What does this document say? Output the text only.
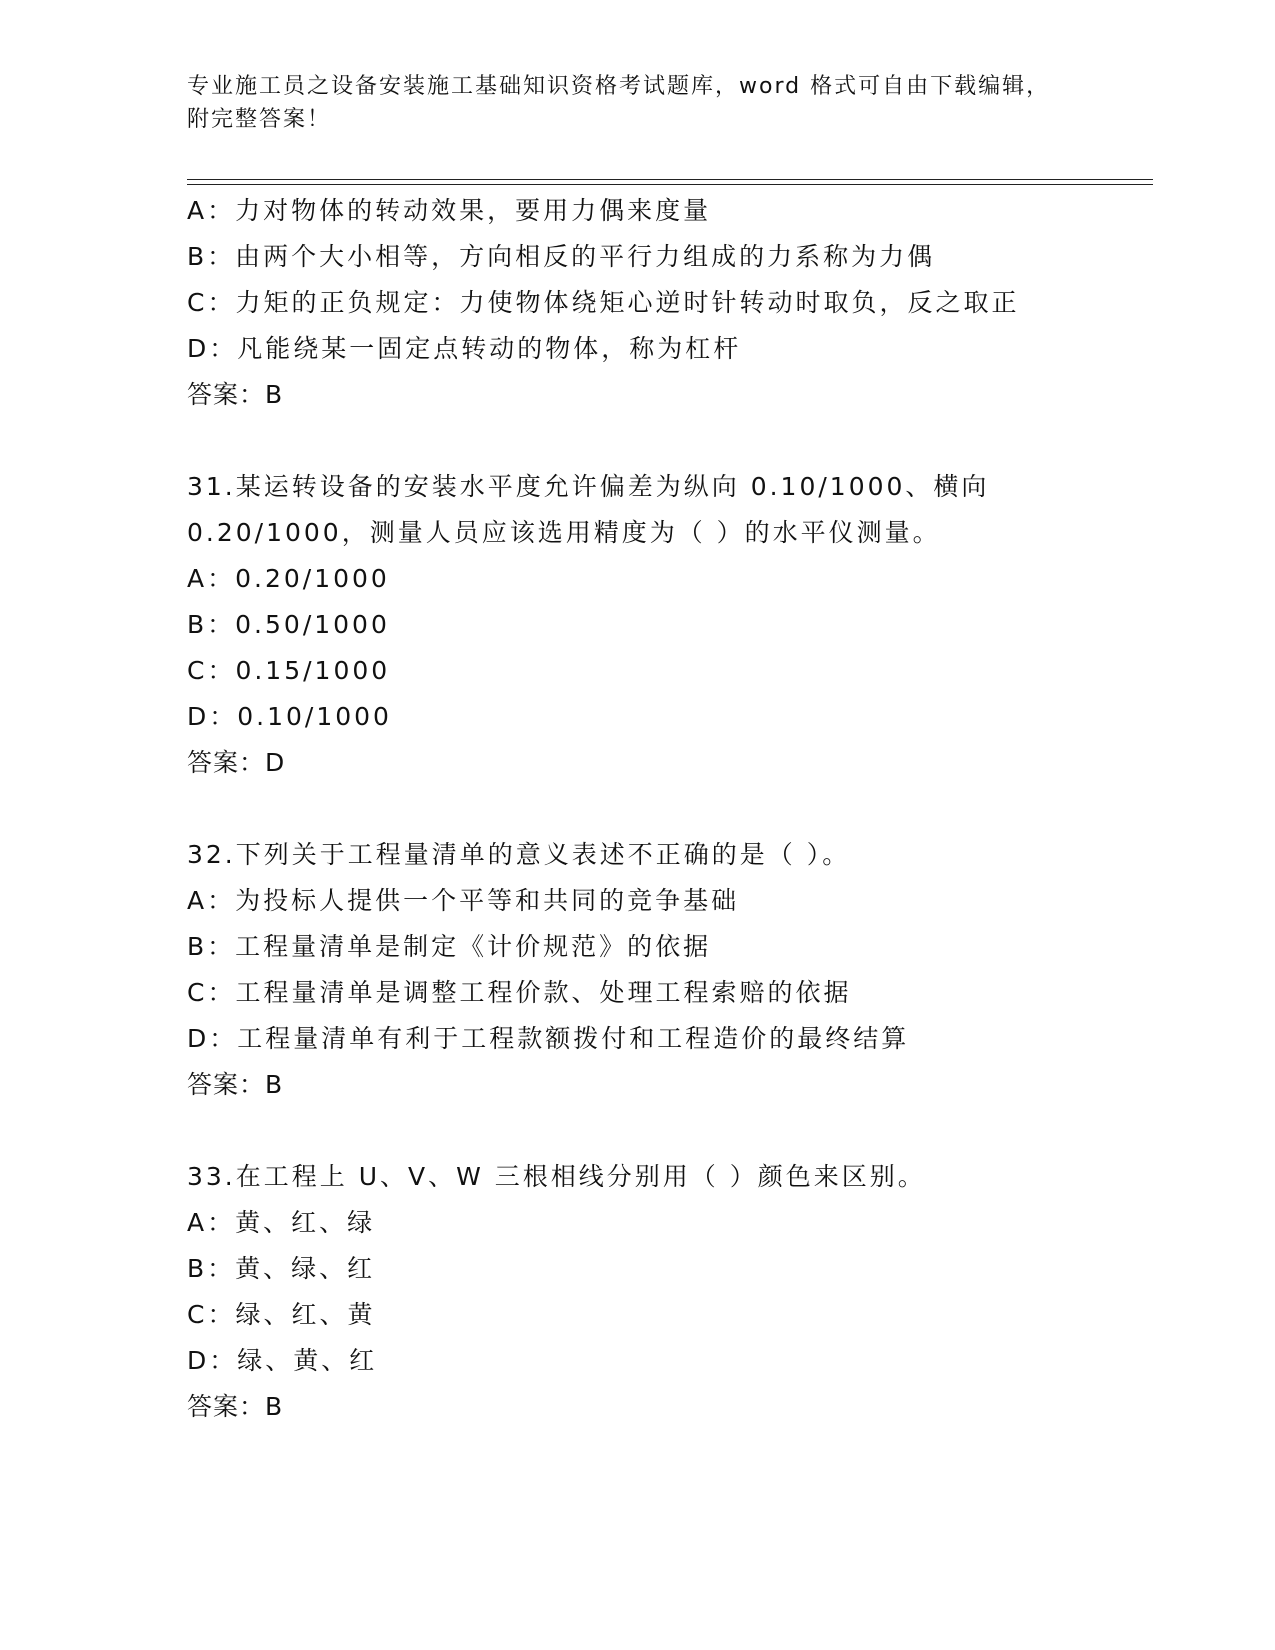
专业施工员之设备安装施工基础知识资格考试题库，word 格式可自由下载编辑，
附完整答案！
A：力对物体的转动效果，要用力偶来度量
B：由两个大小相等，方向相反的平行力组成的力系称为力偶
C：力矩的正负规定：力使物体绕矩心逆时针转动时取负，反之取正
D：凡能绕某一固定点转动的物体，称为杠杆
答案：B
31.某运转设备的安装水平度允许偏差为纵向 0.10/1000、横向
0.20/1000，测量人员应该选用精度为（ ）的水平仪测量。
A：0.20/1000
B：0.50/1000
C：0.15/1000
D：0.10/1000
答案：D
32.下列关于工程量清单的意义表述不正确的是（ ）。
A：为投标人提供一个平等和共同的竞争基础
B：工程量清单是制定《计价规范》的依据
C：工程量清单是调整工程价款、处理工程索赔的依据
D：工程量清单有利于工程款额拨付和工程造价的最终结算
答案：B
33.在工程上 U、V、W 三根相线分别用（ ）颜色来区别。
A：黄、红、绿
B：黄、绿、红
C：绿、红、黄
D：绿、黄、红
答案：B
